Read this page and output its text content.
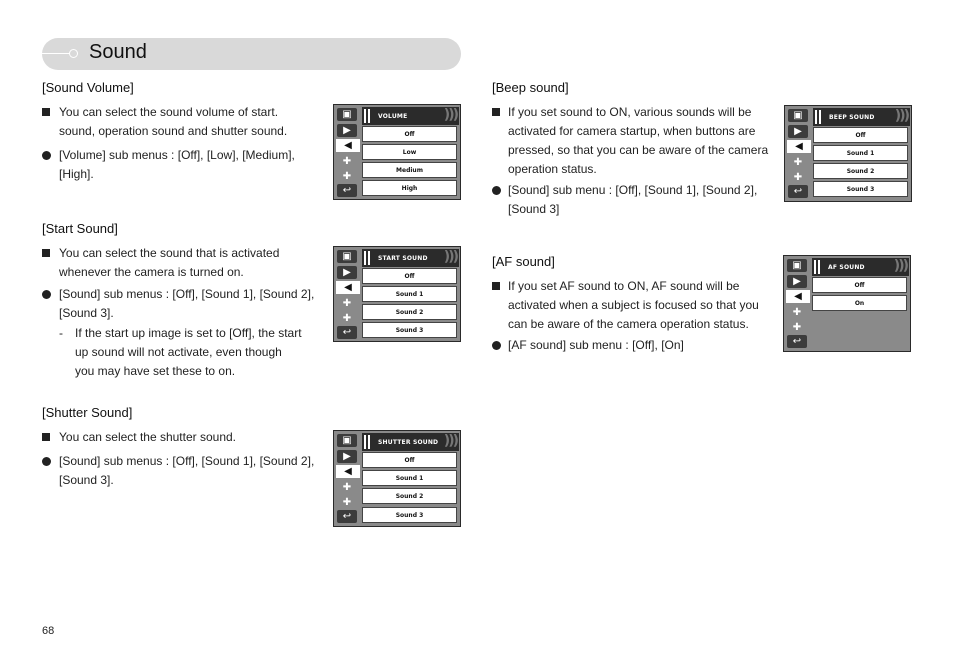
Sound
[Sound Volume]
You can select the sound volume of start. sound, operation sound and shutter sound.
[Volume] sub menus : [Off], [Low], [Medium], [High].
▣
▶
◀
✚
✚
↩
VOLUME	)))
Off
Low
Medium
High
[Start Sound]
You can select the sound that is activated whenever the camera is turned on.
[Sound] sub menus : [Off], [Sound 1], [Sound 2], [Sound 3].
-	If the start up image is set to [Off], the start up sound will not activate, even though you may have set these to on.
▣
▶
◀
✚
✚
↩
START SOUND )))
Off
Sound 1
Sound 2
Sound 3
[Shutter Sound]
You can select the shutter sound.
[Sound] sub menus : [Off], [Sound 1], [Sound 2], [Sound 3].
▣
▶
◀
✚
✚
↩
SHUTTER SOUND )))
Off
Sound 1
Sound 2
Sound 3
[Beep sound]
If you set sound to ON, various sounds will be activated for camera startup, when buttons are pressed, so that you can be aware of the camera operation status.
[Sound] sub menu : [Off], [Sound 1], [Sound 2], [Sound 3]
▣
▶
◀
✚
✚
↩
BEEP SOUND )))
Off
Sound 1
Sound 2
Sound 3
[AF sound]
If you set AF sound to ON, AF sound will be activated when a subject is focused so that you can be aware of the camera operation status.
[AF sound] sub menu : [Off], [On]
▣
▶
◀
✚
✚
↩
AF SOUND )))
Off
On
68
